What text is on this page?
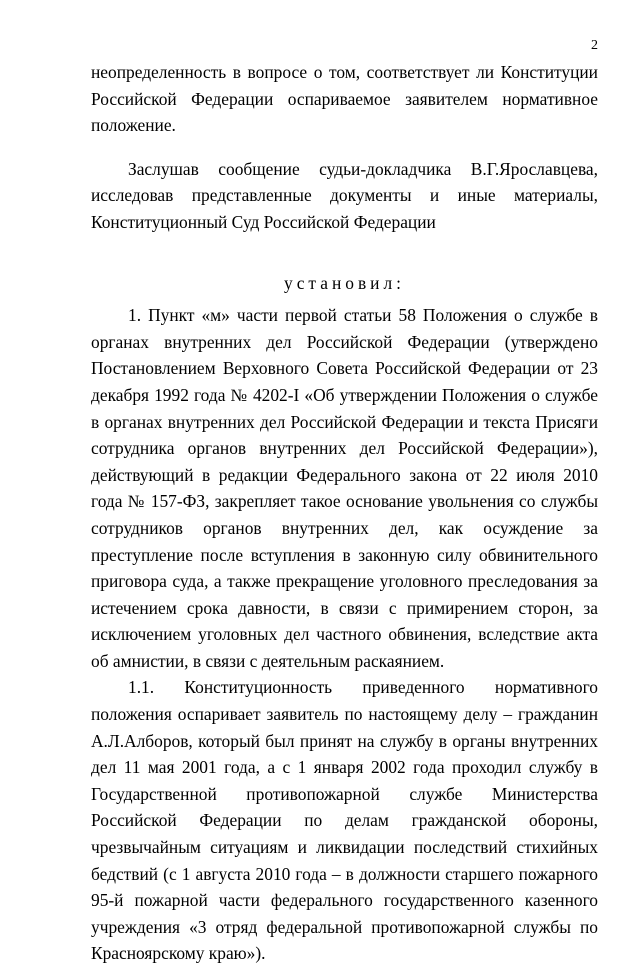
2

неопределенность в вопросе о том, соответствует ли Конституции Российской Федерации оспариваемое заявителем нормативное положение.

Заслушав сообщение судьи-докладчика В.Г.Ярославцева, исследовав представленные документы и иные материалы, Конституционный Суд Российской Федерации

установил:

1. Пункт «м» части первой статьи 58 Положения о службе в органах внутренних дел Российской Федерации (утверждено Постановлением Верховного Совета Российской Федерации от 23 декабря 1992 года № 4202-I «Об утверждении Положения о службе в органах внутренних дел Российской Федерации и текста Присяги сотрудника органов внутренних дел Российской Федерации»), действующий в редакции Федерального закона от 22 июля 2010 года № 157-ФЗ, закрепляет такое основание увольнения со службы сотрудников органов внутренних дел, как осуждение за преступление после вступления в законную силу обвинительного приговора суда, а также прекращение уголовного преследования за истечением срока давности, в связи с примирением сторон, за исключением уголовных дел частного обвинения, вследствие акта об амнистии, в связи с деятельным раскаянием.

1.1. Конституционность приведенного нормативного положения оспаривает заявитель по настоящему делу – гражданин А.Л.Алборов, который был принят на службу в органы внутренних дел 11 мая 2001 года, а с 1 января 2002 года проходил службу в Государственной противопожарной службе Министерства Российской Федерации по делам гражданской обороны, чрезвычайным ситуациям и ликвидации последствий стихийных бедствий (с 1 августа 2010 года – в должности старшего пожарного 95-й пожарной части федерального государственного казенного учреждения «3 отряд федеральной противопожарной службы по Красноярскому краю»).
